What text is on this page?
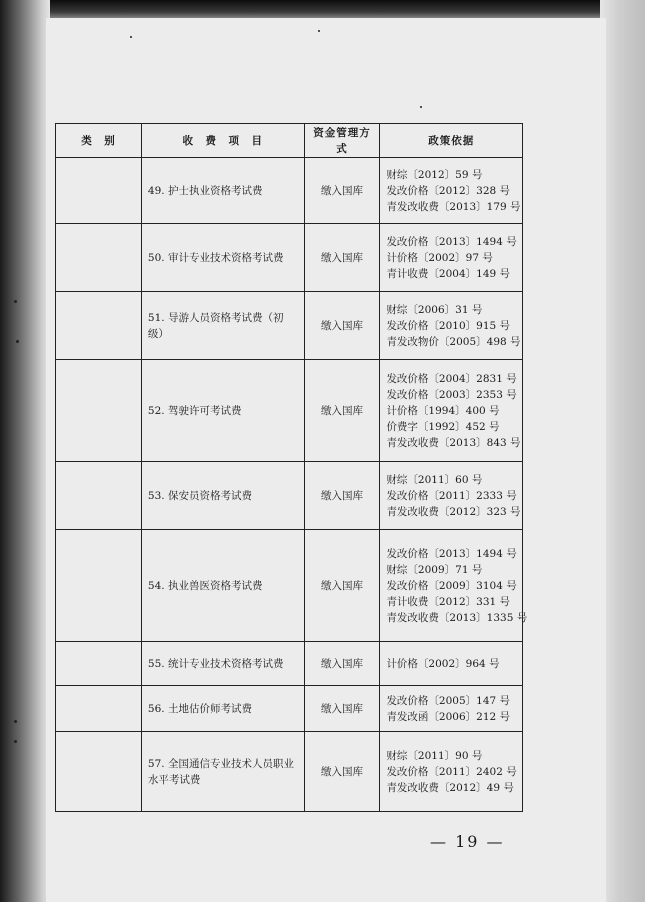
类　别	收　费　项　目	资金管理方式	政策依据
	49. 护士执业资格考试费	缴入国库	财综〔2012〕59 号
发改价格〔2012〕328 号
青发改收费〔2013〕179 号

	50. 审计专业技术资格考试费	缴入国库	发改价格〔2013〕1494 号
计价格〔2002〕97 号
青计收费〔2004〕149 号

	51. 导游人员资格考试费（初级）	缴入国库	财综〔2006〕31 号
发改价格〔2010〕915 号
青发改物价〔2005〕498 号

	52. 驾驶许可考试费	缴入国库	发改价格〔2004〕2831 号
发改价格〔2003〕2353 号
计价格〔1994〕400 号
价费字〔1992〕452 号
青发改收费〔2013〕843 号

	53. 保安员资格考试费	缴入国库	财综〔2011〕60 号
发改价格〔2011〕2333 号
青发改收费〔2012〕323 号

	54. 执业兽医资格考试费	缴入国库	发改价格〔2013〕1494 号
财综〔2009〕71 号
发改价格〔2009〕3104 号
青计收费〔2012〕331 号
青发改收费〔2013〕1335 号

	55. 统计专业技术资格考试费	缴入国库	计价格〔2002〕964 号

	56. 土地估价师考试费	缴入国库	发改价格〔2005〕147 号
青发改函〔2006〕212 号

	57. 全国通信专业技术人员职业水平考试费	缴入国库	财综〔2011〕90 号
发改价格〔2011〕2402 号
青发改收费〔2012〕49 号
— 19 —
